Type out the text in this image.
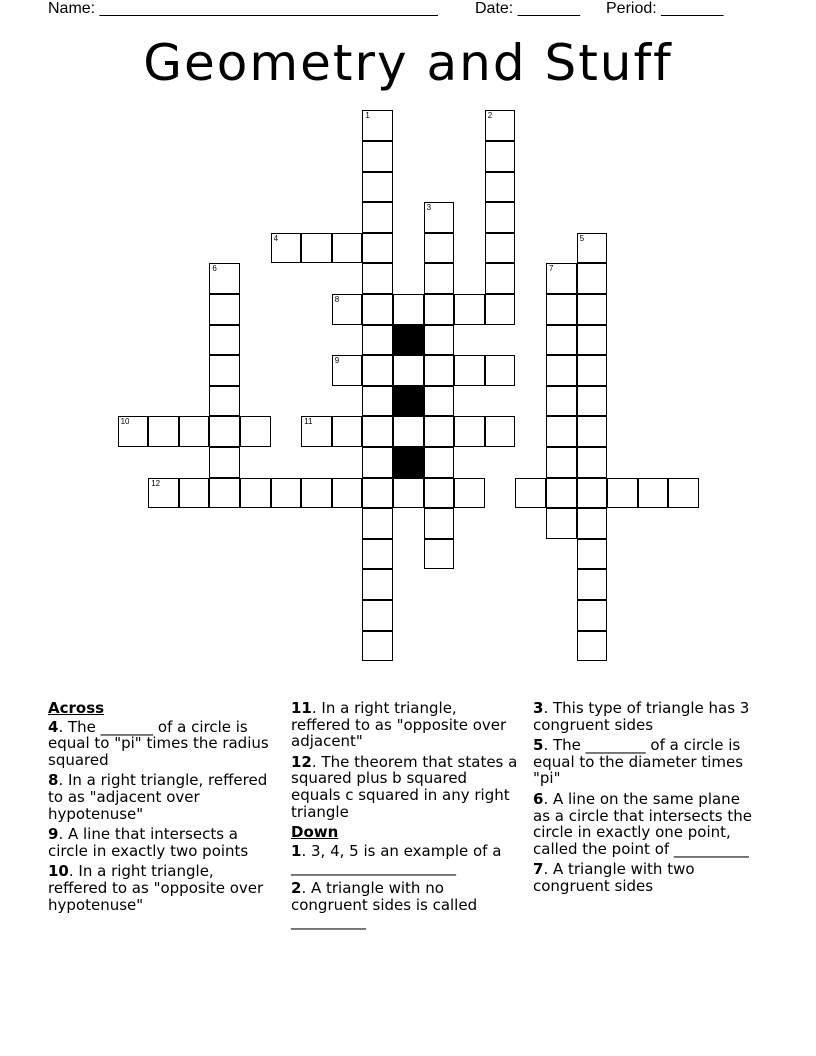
Name: ______________________________________ Date: _______ Period: _______
Geometry and Stuff
1	2
3
4	5
6	7
8
9
10	11
12
Across
4. The _______ of a circle is equal to "pi" times the radius squared
8. In a right triangle, reffered to as "adjacent over hypotenuse"
9. A line that intersects a circle in exactly two points
10. In a right triangle, reffered to as "opposite over hypotenuse"
11. In a right triangle, reffered to as "opposite over adjacent"
12. The theorem that states a squared plus b squared equals c squared in any right triangle
Down
1. 3, 4, 5 is an example of a ______________________
2. A triangle with no congruent sides is called __________
3. This type of triangle has 3 congruent sides
5. The ________ of a circle is equal to the diameter times "pi"
6. A line on the same plane as a circle that intersects the circle in exactly one point, called the point of __________
7. A triangle with two congruent sides
